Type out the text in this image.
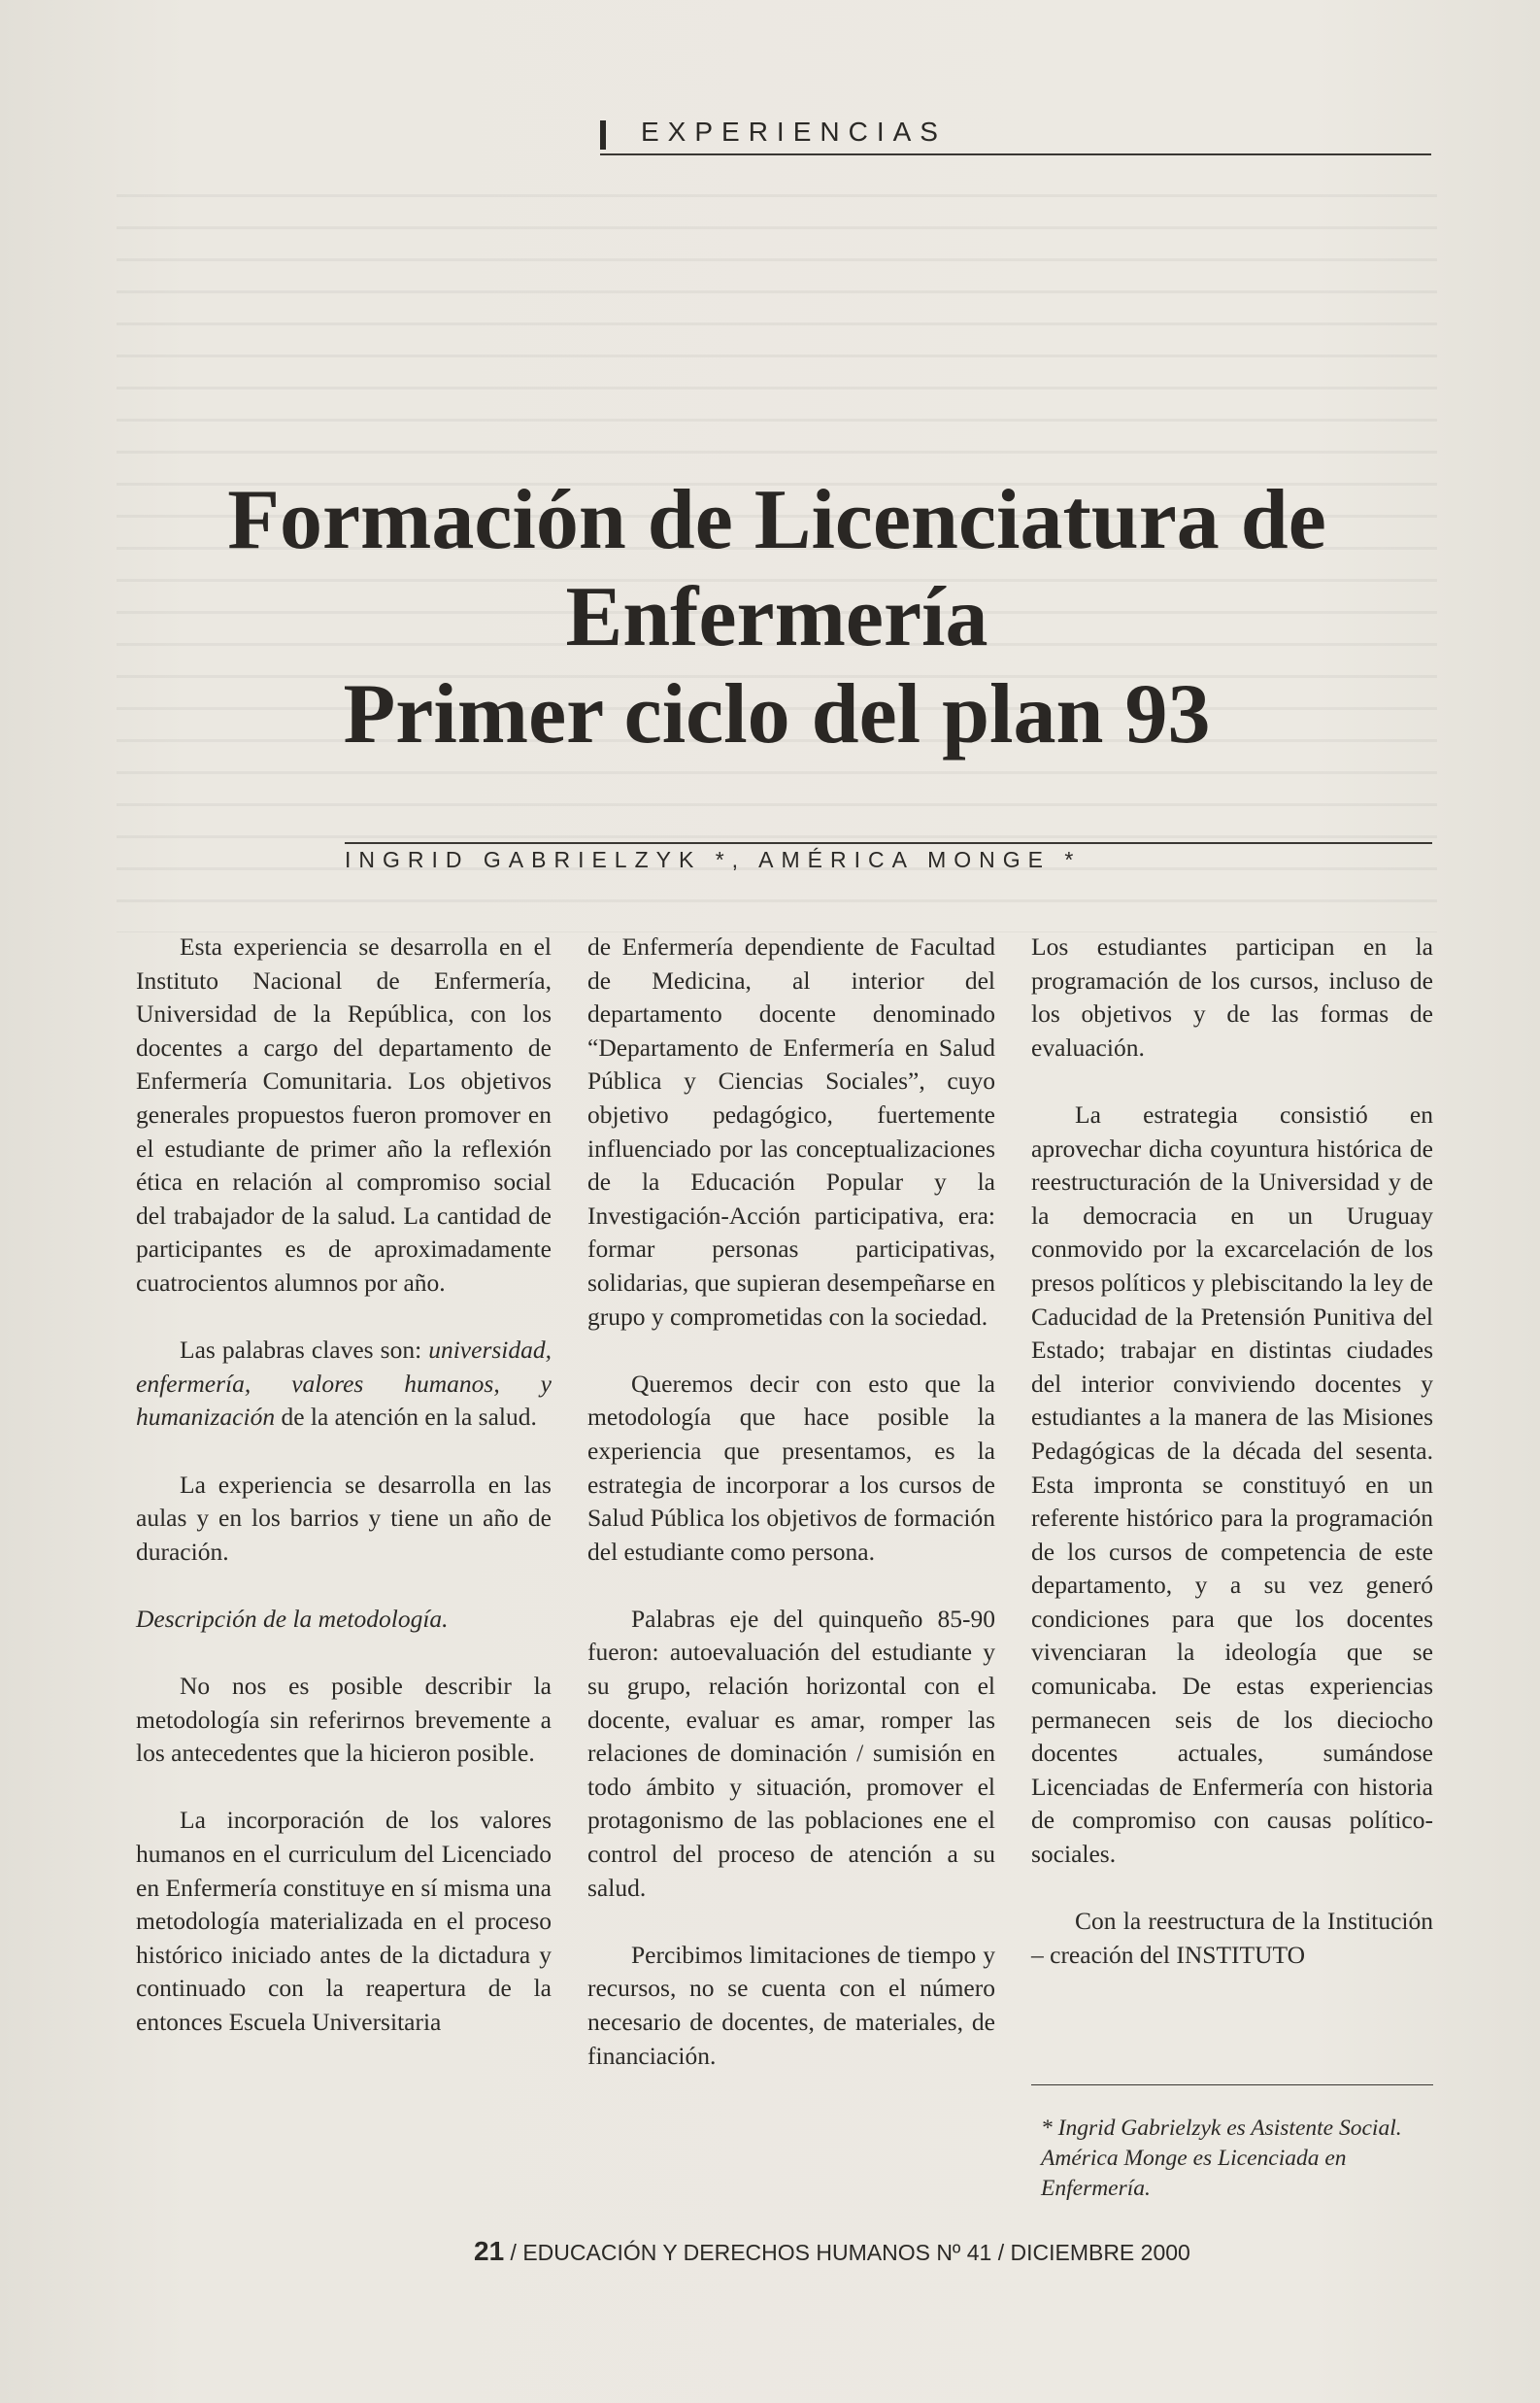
EXPERIENCIAS
Formación de Licenciatura de
Enfermería
Primer ciclo del plan 93
INGRID GABRIELZYK *, AMÉRICA MONGE *

Esta experiencia se desarrolla en el Instituto Nacional de Enfermería, Universidad de la República, con los docentes a cargo del departamento de Enfermería Comunitaria. Los objetivos generales propuestos fueron promover en el estudiante de primer año la reflexión ética en relación al compromiso social del trabajador de la salud. La cantidad de participantes es de aproximadamente cuatrocientos alumnos por año.

Las palabras claves son: universidad, enfermería, valores humanos, y humanización de la atención en la salud.

La experiencia se desarrolla en las aulas y en los barrios y tiene un año de duración.

Descripción de la metodología.

No nos es posible describir la metodología sin referirnos brevemente a los antecedentes que la hicieron posible.

La incorporación de los valores humanos en el curriculum del Licenciado en Enfermería constituye en sí misma una metodología materializada en el proceso histórico iniciado antes de la dictadura y continuado con la reapertura de la entonces Escuela Universitaria

de Enfermería dependiente de Facultad de Medicina, al interior del departamento docente denominado “Departamento de Enfermería en Salud Pública y Ciencias Sociales”, cuyo objetivo pedagógico, fuertemente influenciado por las conceptualizaciones de la Educación Popular y la Investigación-Acción participativa, era: formar personas participativas, solidarias, que supieran desempeñarse en grupo y comprometidas con la sociedad.

Queremos decir con esto que la metodología que hace posible la experiencia que presentamos, es la estrategia de incorporar a los cursos de Salud Pública los objetivos de formación del estudiante como persona.

Palabras eje del quinqueño 85-90 fueron: autoevaluación del estudiante y su grupo, relación horizontal con el docente, evaluar es amar, romper las relaciones de dominación / sumisión en todo ámbito y situación, promover el protagonismo de las poblaciones ene el control del proceso de atención a su salud.

Percibimos limitaciones de tiempo y recursos, no se cuenta con el número necesario de docentes, de materiales, de financiación.

Los estudiantes participan en la programación de los cursos, incluso de los objetivos y de las formas de evaluación.

La estrategia consistió en aprovechar dicha coyuntura histórica de reestructuración de la Universidad y de la democracia en un Uruguay conmovido por la excarcelación de los presos políticos y plebiscitando la ley de Caducidad de la Pretensión Punitiva del Estado; trabajar en distintas ciudades del interior conviviendo docentes y estudiantes a la manera de las Misiones Pedagógicas de la década del sesenta. Esta impronta se constituyó en un referente histórico para la programación de los cursos de competencia de este departamento, y a su vez generó condiciones para que los docentes vivenciaran la ideología que se comunicaba. De estas experiencias permanecen seis de los dieciocho docentes actuales, sumándose Licenciadas de Enfermería con historia de compromiso con causas político- sociales.

Con la reestructura de la Institución – creación del INSTITUTO

* Ingrid Gabrielzyk es Asistente Social. América Monge es Licenciada en Enfermería.
21 / EDUCACIÓN Y DERECHOS HUMANOS Nº 41 / DICIEMBRE 2000
